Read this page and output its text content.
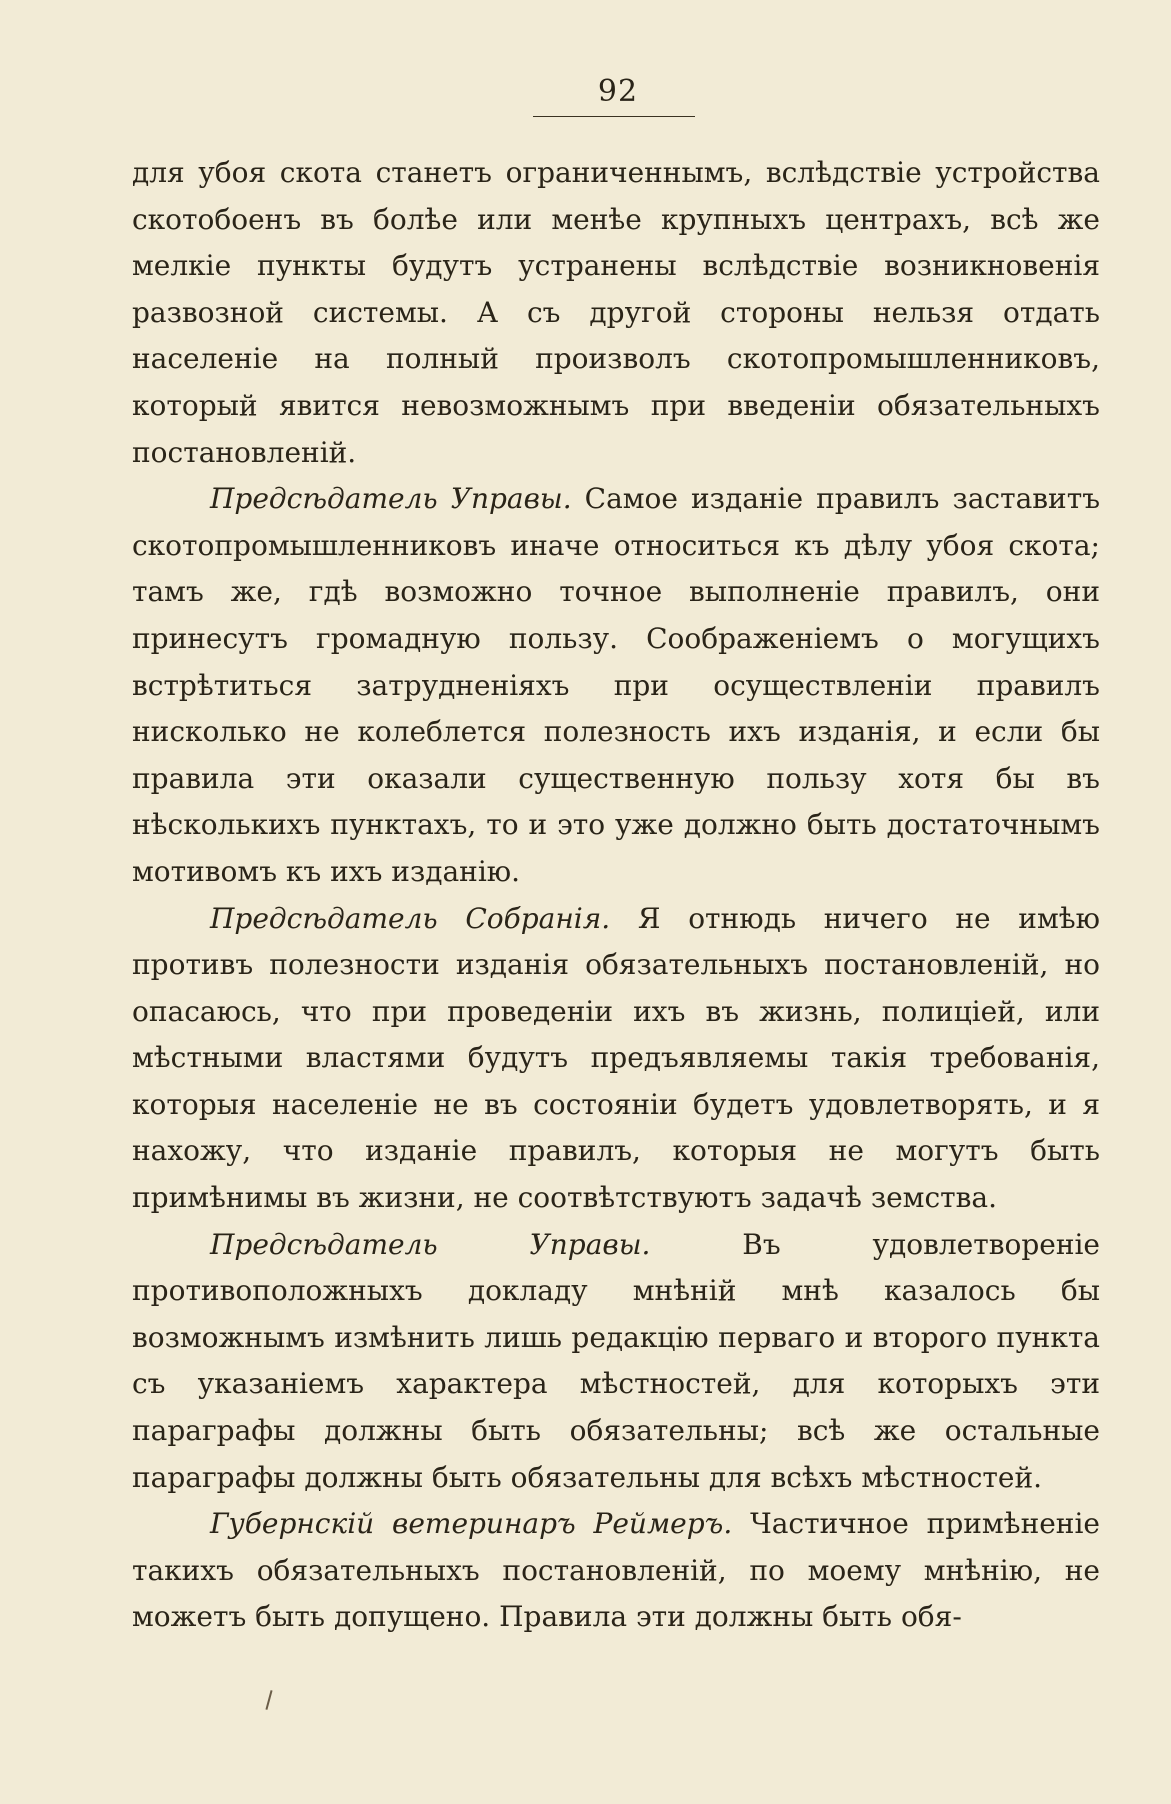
92

для убоя скота станетъ ограниченнымъ, вслѣдствіе устройства скотобоенъ въ болѣе или менѣе крупныхъ центрахъ, всѣ же мелкіе пункты будутъ устранены вслѣдствіе возникновенія развозной системы. А съ другой стороны нельзя отдать населеніе на полный произволъ скотопромышленниковъ, который явится невозможнымъ при введеніи обязательныхъ постановленій.

Предсѣдатель Управы. Самое изданіе правилъ заставитъ скотопромышленниковъ иначе относиться къ дѣлу убоя скота; тамъ же, гдѣ возможно точное выполненіе правилъ, они принесутъ громадную пользу. Соображеніемъ о могущихъ встрѣтиться затрудненіяхъ при осуществленіи правилъ нисколько не колеблется полезность ихъ изданія, и если бы правила эти оказали существенную пользу хотя бы въ нѣсколькихъ пунктахъ, то и это уже должно быть достаточнымъ мотивомъ къ ихъ изданію.

Предсѣдатель Собранія. Я отнюдь ничего не имѣю противъ полезности изданія обязательныхъ постановленій, но опасаюсь, что при проведеніи ихъ въ жизнь, полиціей, или мѣстными властями будутъ предъявляемы такія требованія, которыя населеніе не въ состояніи будетъ удовлетворять, и я нахожу, что изданіе правилъ, которыя не могутъ быть примѣнимы въ жизни, не соотвѣтствуютъ задачѣ земства.

Предсѣдатель Управы.	Въ удовлетвореніе противоположныхъ докладу мнѣній мнѣ казалось бы возможнымъ измѣнить лишь редакцію перваго и второго пункта съ указаніемъ характера мѣстностей, для которыхъ эти параграфы должны быть обязательны; всѣ же остальные параграфы должны быть обязательны для всѣхъ мѣстностей.

Губернскій ветеринаръ Реймеръ. Частичное примѣненіе такихъ обязательныхъ постановленій, по моему мнѣнію, не можетъ быть допущено. Правила эти должны быть обя-
